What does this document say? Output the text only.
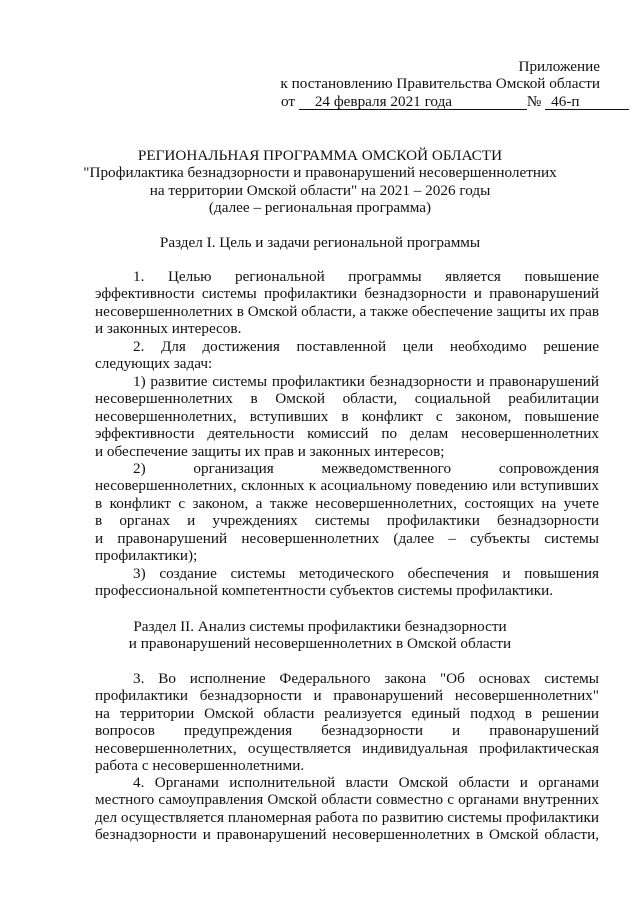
Приложение
к постановлению Правительства Омской области
от 24 февраля 2021 года	№ 46-п
РЕГИОНАЛЬНАЯ ПРОГРАММА ОМСКОЙ ОБЛАСТИ
"Профилактика безнадзорности и правонарушений несовершеннолетних
на территории Омской области" на 2021 – 2026 годы
(далее – региональная программа)
Раздел I. Цель и задачи региональной программы
1. Целью региональной программы является повышение
эффективности системы профилактики безнадзорности и правонарушений
несовершеннолетних в Омской области, а также обеспечение защиты их прав
и законных интересов.
2. Для достижения поставленной цели необходимо решение
следующих задач:
1) развитие системы профилактики безнадзорности и правонарушений
несовершеннолетних в Омской области, социальной реабилитации
несовершеннолетних, вступивших в конфликт с законом, повышение
эффективности деятельности комиссий по делам несовершеннолетних
и обеспечение защиты их прав и законных интересов;
2) организация межведомственного сопровождения
несовершеннолетних, склонных к асоциальному поведению или вступивших
в конфликт с законом, а также несовершеннолетних, состоящих на учете
в органах и учреждениях системы профилактики безнадзорности
и правонарушений несовершеннолетних (далее – субъекты системы
профилактики);
3) создание системы методического обеспечения и повышения
профессиональной компетентности субъектов системы профилактики.
Раздел II. Анализ системы профилактики безнадзорности
и правонарушений несовершеннолетних в Омской области
3. Во исполнение Федерального закона "Об основах системы
профилактики безнадзорности и правонарушений несовершеннолетних"
на территории Омской области реализуется единый подход в решении
вопросов предупреждения безнадзорности и правонарушений
несовершеннолетних, осуществляется индивидуальная профилактическая
работа с несовершеннолетними.
4. Органами исполнительной власти Омской области и органами
местного самоуправления Омской области совместно с органами внутренних
дел осуществляется планомерная работа по развитию системы профилактики
безнадзорности и правонарушений несовершеннолетних в Омской области,
